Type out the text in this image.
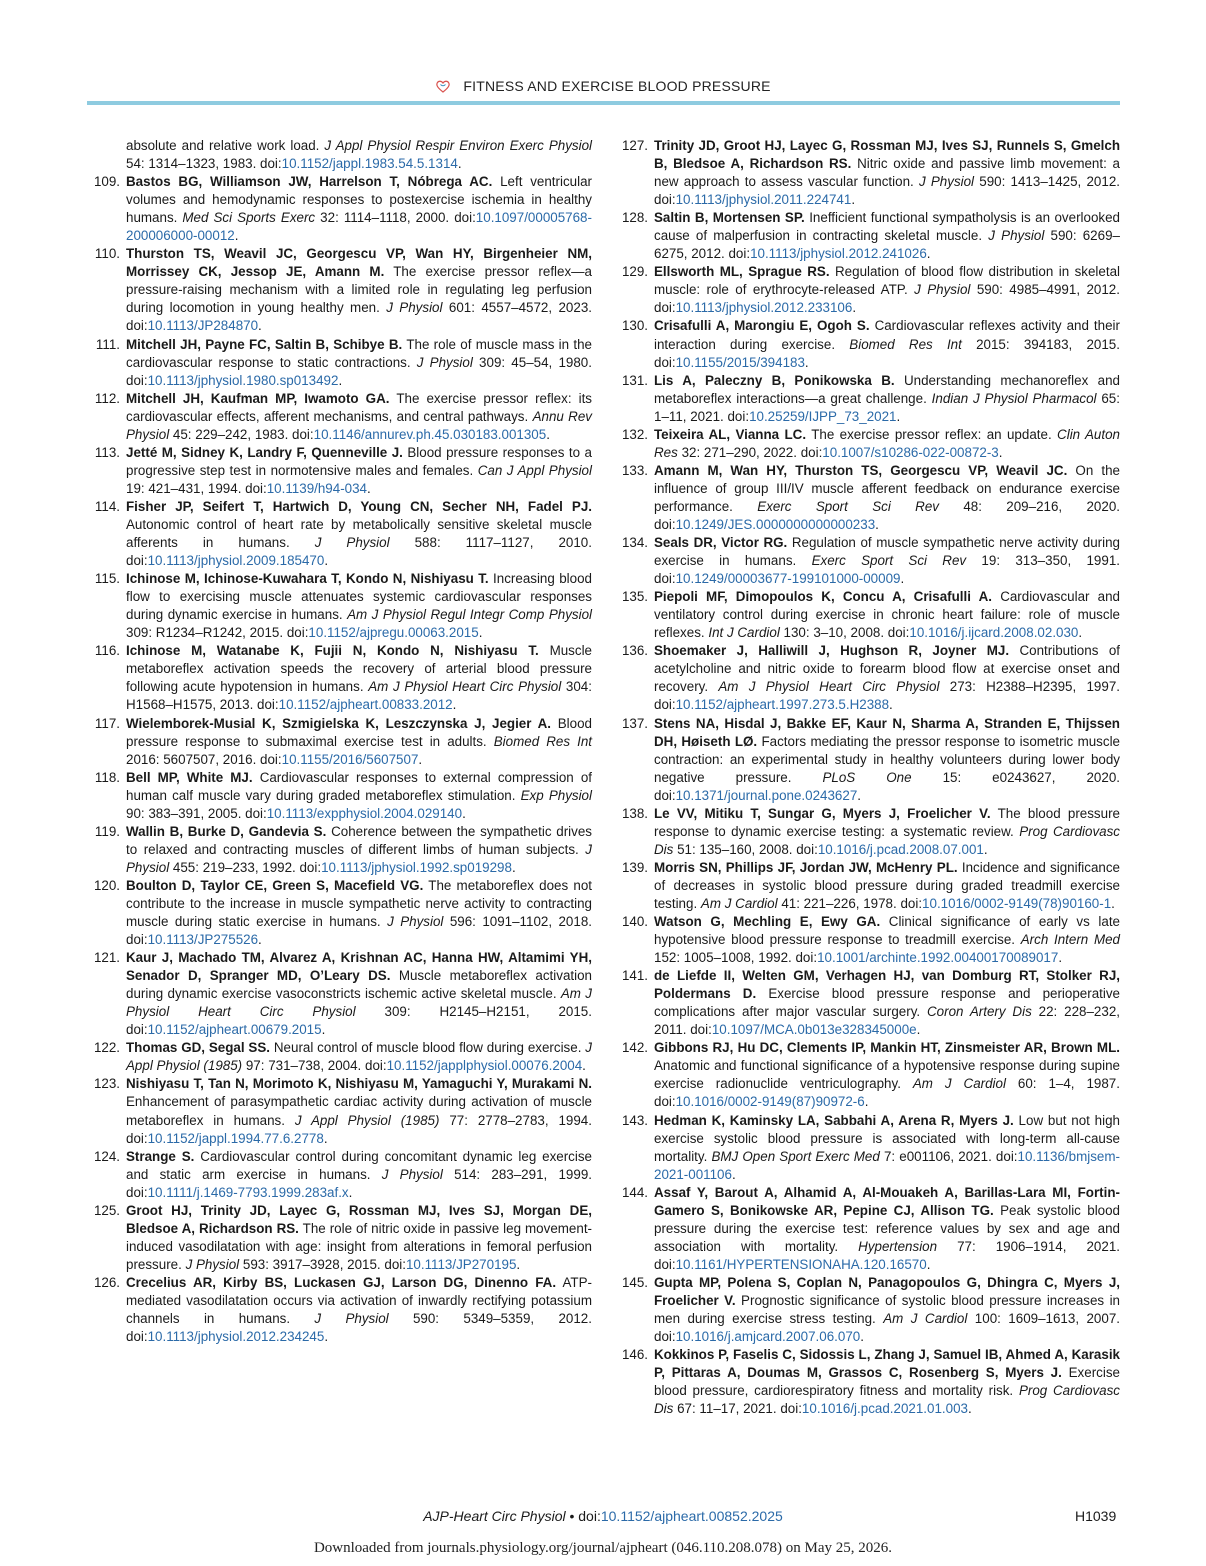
FITNESS AND EXERCISE BLOOD PRESSURE
absolute and relative work load. J Appl Physiol Respir Environ Exerc Physiol 54: 1314–1323, 1983. doi:10.1152/jappl.1983.54.5.1314.
109. Bastos BG, Williamson JW, Harrelson T, Nóbrega AC. Left ventricular volumes and hemodynamic responses to postexercise ischemia in healthy humans. Med Sci Sports Exerc 32: 1114–1118, 2000. doi:10.1097/00005768-200006000-00012.
110. Thurston TS, Weavil JC, Georgescu VP, Wan HY, Birgenheier NM, Morrissey CK, Jessop JE, Amann M. The exercise pressor reflex—a pressure-raising mechanism with a limited role in regulating leg perfusion during locomotion in young healthy men. J Physiol 601: 4557–4572, 2023. doi:10.1113/JP284870.
111. Mitchell JH, Payne FC, Saltin B, Schibye B. The role of muscle mass in the cardiovascular response to static contractions. J Physiol 309: 45–54, 1980. doi:10.1113/jphysiol.1980.sp013492.
112. Mitchell JH, Kaufman MP, Iwamoto GA. The exercise pressor reflex: its cardiovascular effects, afferent mechanisms, and central pathways. Annu Rev Physiol 45: 229–242, 1983. doi:10.1146/annurev.ph.45.030183.001305.
113. Jetté M, Sidney K, Landry F, Quenneville J. Blood pressure responses to a progressive step test in normotensive males and females. Can J Appl Physiol 19: 421–431, 1994. doi:10.1139/h94-034.
114. Fisher JP, Seifert T, Hartwich D, Young CN, Secher NH, Fadel PJ. Autonomic control of heart rate by metabolically sensitive skeletal muscle afferents in humans. J Physiol 588: 1117–1127, 2010. doi:10.1113/jphysiol.2009.185470.
115. Ichinose M, Ichinose-Kuwahara T, Kondo N, Nishiyasu T. Increasing blood flow to exercising muscle attenuates systemic cardiovascular responses during dynamic exercise in humans. Am J Physiol Regul Integr Comp Physiol 309: R1234–R1242, 2015. doi:10.1152/ajpregu.00063.2015.
116. Ichinose M, Watanabe K, Fujii N, Kondo N, Nishiyasu T. Muscle metaboreflex activation speeds the recovery of arterial blood pressure following acute hypotension in humans. Am J Physiol Heart Circ Physiol 304: H1568–H1575, 2013. doi:10.1152/ajpheart.00833.2012.
117. Wielemborek-Musial K, Szmigielska K, Leszczynska J, Jegier A. Blood pressure response to submaximal exercise test in adults. Biomed Res Int 2016: 5607507, 2016. doi:10.1155/2016/5607507.
118. Bell MP, White MJ. Cardiovascular responses to external compression of human calf muscle vary during graded metaboreflex stimulation. Exp Physiol 90: 383–391, 2005. doi:10.1113/expphysiol.2004.029140.
119. Wallin B, Burke D, Gandevia S. Coherence between the sympathetic drives to relaxed and contracting muscles of different limbs of human subjects. J Physiol 455: 219–233, 1992. doi:10.1113/jphysiol.1992.sp019298.
120. Boulton D, Taylor CE, Green S, Macefield VG. The metaboreflex does not contribute to the increase in muscle sympathetic nerve activity to contracting muscle during static exercise in humans. J Physiol 596: 1091–1102, 2018. doi:10.1113/JP275526.
121. Kaur J, Machado TM, Alvarez A, Krishnan AC, Hanna HW, Altamimi YH, Senador D, Spranger MD, O’Leary DS. Muscle metaboreflex activation during dynamic exercise vasoconstricts ischemic active skeletal muscle. Am J Physiol Heart Circ Physiol 309: H2145–H2151, 2015. doi:10.1152/ajpheart.00679.2015.
122. Thomas GD, Segal SS. Neural control of muscle blood flow during exercise. J Appl Physiol (1985) 97: 731–738, 2004. doi:10.1152/japplphysiol.00076.2004.
123. Nishiyasu T, Tan N, Morimoto K, Nishiyasu M, Yamaguchi Y, Murakami N. Enhancement of parasympathetic cardiac activity during activation of muscle metaboreflex in humans. J Appl Physiol (1985) 77: 2778–2783, 1994. doi:10.1152/jappl.1994.77.6.2778.
124. Strange S. Cardiovascular control during concomitant dynamic leg exercise and static arm exercise in humans. J Physiol 514: 283–291, 1999. doi:10.1111/j.1469-7793.1999.283af.x.
125. Groot HJ, Trinity JD, Layec G, Rossman MJ, Ives SJ, Morgan DE, Bledsoe A, Richardson RS. The role of nitric oxide in passive leg movement-induced vasodilatation with age: insight from alterations in femoral perfusion pressure. J Physiol 593: 3917–3928, 2015. doi:10.1113/JP270195.
126. Crecelius AR, Kirby BS, Luckasen GJ, Larson DG, Dinenno FA. ATP-mediated vasodilatation occurs via activation of inwardly rectifying potassium channels in humans. J Physiol 590: 5349–5359, 2012. doi:10.1113/jphysiol.2012.234245.
127. Trinity JD, Groot HJ, Layec G, Rossman MJ, Ives SJ, Runnels S, Gmelch B, Bledsoe A, Richardson RS. Nitric oxide and passive limb movement: a new approach to assess vascular function. J Physiol 590: 1413–1425, 2012. doi:10.1113/jphysiol.2011.224741.
128. Saltin B, Mortensen SP. Inefficient functional sympatholysis is an overlooked cause of malperfusion in contracting skeletal muscle. J Physiol 590: 6269–6275, 2012. doi:10.1113/jphysiol.2012.241026.
129. Ellsworth ML, Sprague RS. Regulation of blood flow distribution in skeletal muscle: role of erythrocyte-released ATP. J Physiol 590: 4985–4991, 2012. doi:10.1113/jphysiol.2012.233106.
130. Crisafulli A, Marongiu E, Ogoh S. Cardiovascular reflexes activity and their interaction during exercise. Biomed Res Int 2015: 394183, 2015. doi:10.1155/2015/394183.
131. Lis A, Paleczny B, Ponikowska B. Understanding mechanoreflex and metaboreflex interactions—a great challenge. Indian J Physiol Pharmacol 65: 1–11, 2021. doi:10.25259/IJPP_73_2021.
132. Teixeira AL, Vianna LC. The exercise pressor reflex: an update. Clin Auton Res 32: 271–290, 2022. doi:10.1007/s10286-022-00872-3.
133. Amann M, Wan HY, Thurston TS, Georgescu VP, Weavil JC. On the influence of group III/IV muscle afferent feedback on endurance exercise performance. Exerc Sport Sci Rev 48: 209–216, 2020. doi:10.1249/JES.0000000000000233.
134. Seals DR, Victor RG. Regulation of muscle sympathetic nerve activity during exercise in humans. Exerc Sport Sci Rev 19: 313–350, 1991. doi:10.1249/00003677-199101000-00009.
135. Piepoli MF, Dimopoulos K, Concu A, Crisafulli A. Cardiovascular and ventilatory control during exercise in chronic heart failure: role of muscle reflexes. Int J Cardiol 130: 3–10, 2008. doi:10.1016/j.ijcard.2008.02.030.
136. Shoemaker J, Halliwill J, Hughson R, Joyner MJ. Contributions of acetylcholine and nitric oxide to forearm blood flow at exercise onset and recovery. Am J Physiol Heart Circ Physiol 273: H2388–H2395, 1997. doi:10.1152/ajpheart.1997.273.5.H2388.
137. Stens NA, Hisdal J, Bakke EF, Kaur N, Sharma A, Stranden E, Thijssen DH, Høiseth LØ. Factors mediating the pressor response to isometric muscle contraction: an experimental study in healthy volunteers during lower body negative pressure. PLoS One 15: e0243627, 2020. doi:10.1371/journal.pone.0243627.
138. Le VV, Mitiku T, Sungar G, Myers J, Froelicher V. The blood pressure response to dynamic exercise testing: a systematic review. Prog Cardiovasc Dis 51: 135–160, 2008. doi:10.1016/j.pcad.2008.07.001.
139. Morris SN, Phillips JF, Jordan JW, McHenry PL. Incidence and significance of decreases in systolic blood pressure during graded treadmill exercise testing. Am J Cardiol 41: 221–226, 1978. doi:10.1016/0002-9149(78)90160-1.
140. Watson G, Mechling E, Ewy GA. Clinical significance of early vs late hypotensive blood pressure response to treadmill exercise. Arch Intern Med 152: 1005–1008, 1992. doi:10.1001/archinte.1992.00400170089017.
141. de Liefde II, Welten GM, Verhagen HJ, van Domburg RT, Stolker RJ, Poldermans D. Exercise blood pressure response and perioperative complications after major vascular surgery. Coron Artery Dis 22: 228–232, 2011. doi:10.1097/MCA.0b013e328345000e.
142. Gibbons RJ, Hu DC, Clements IP, Mankin HT, Zinsmeister AR, Brown ML. Anatomic and functional significance of a hypotensive response during supine exercise radionuclide ventriculography. Am J Cardiol 60: 1–4, 1987. doi:10.1016/0002-9149(87)90972-6.
143. Hedman K, Kaminsky LA, Sabbahi A, Arena R, Myers J. Low but not high exercise systolic blood pressure is associated with long-term all-cause mortality. BMJ Open Sport Exerc Med 7: e001106, 2021. doi:10.1136/bmjsem-2021-001106.
144. Assaf Y, Barout A, Alhamid A, Al-Mouakeh A, Barillas-Lara MI, Fortin-Gamero S, Bonikowske AR, Pepine CJ, Allison TG. Peak systolic blood pressure during the exercise test: reference values by sex and age and association with mortality. Hypertension 77: 1906–1914, 2021. doi:10.1161/HYPERTENSIONAHA.120.16570.
145. Gupta MP, Polena S, Coplan N, Panagopoulos G, Dhingra C, Myers J, Froelicher V. Prognostic significance of systolic blood pressure increases in men during exercise stress testing. Am J Cardiol 100: 1609–1613, 2007. doi:10.1016/j.amjcard.2007.06.070.
146. Kokkinos P, Faselis C, Sidossis L, Zhang J, Samuel IB, Ahmed A, Karasik P, Pittaras A, Doumas M, Grassos C, Rosenberg S, Myers J. Exercise blood pressure, cardiorespiratory fitness and mortality risk. Prog Cardiovasc Dis 67: 11–17, 2021. doi:10.1016/j.pcad.2021.01.003.
AJP-Heart Circ Physiol • doi:10.1152/ajpheart.00852.2025	H1039
Downloaded from journals.physiology.org/journal/ajpheart (046.110.208.078) on May 25, 2026.
